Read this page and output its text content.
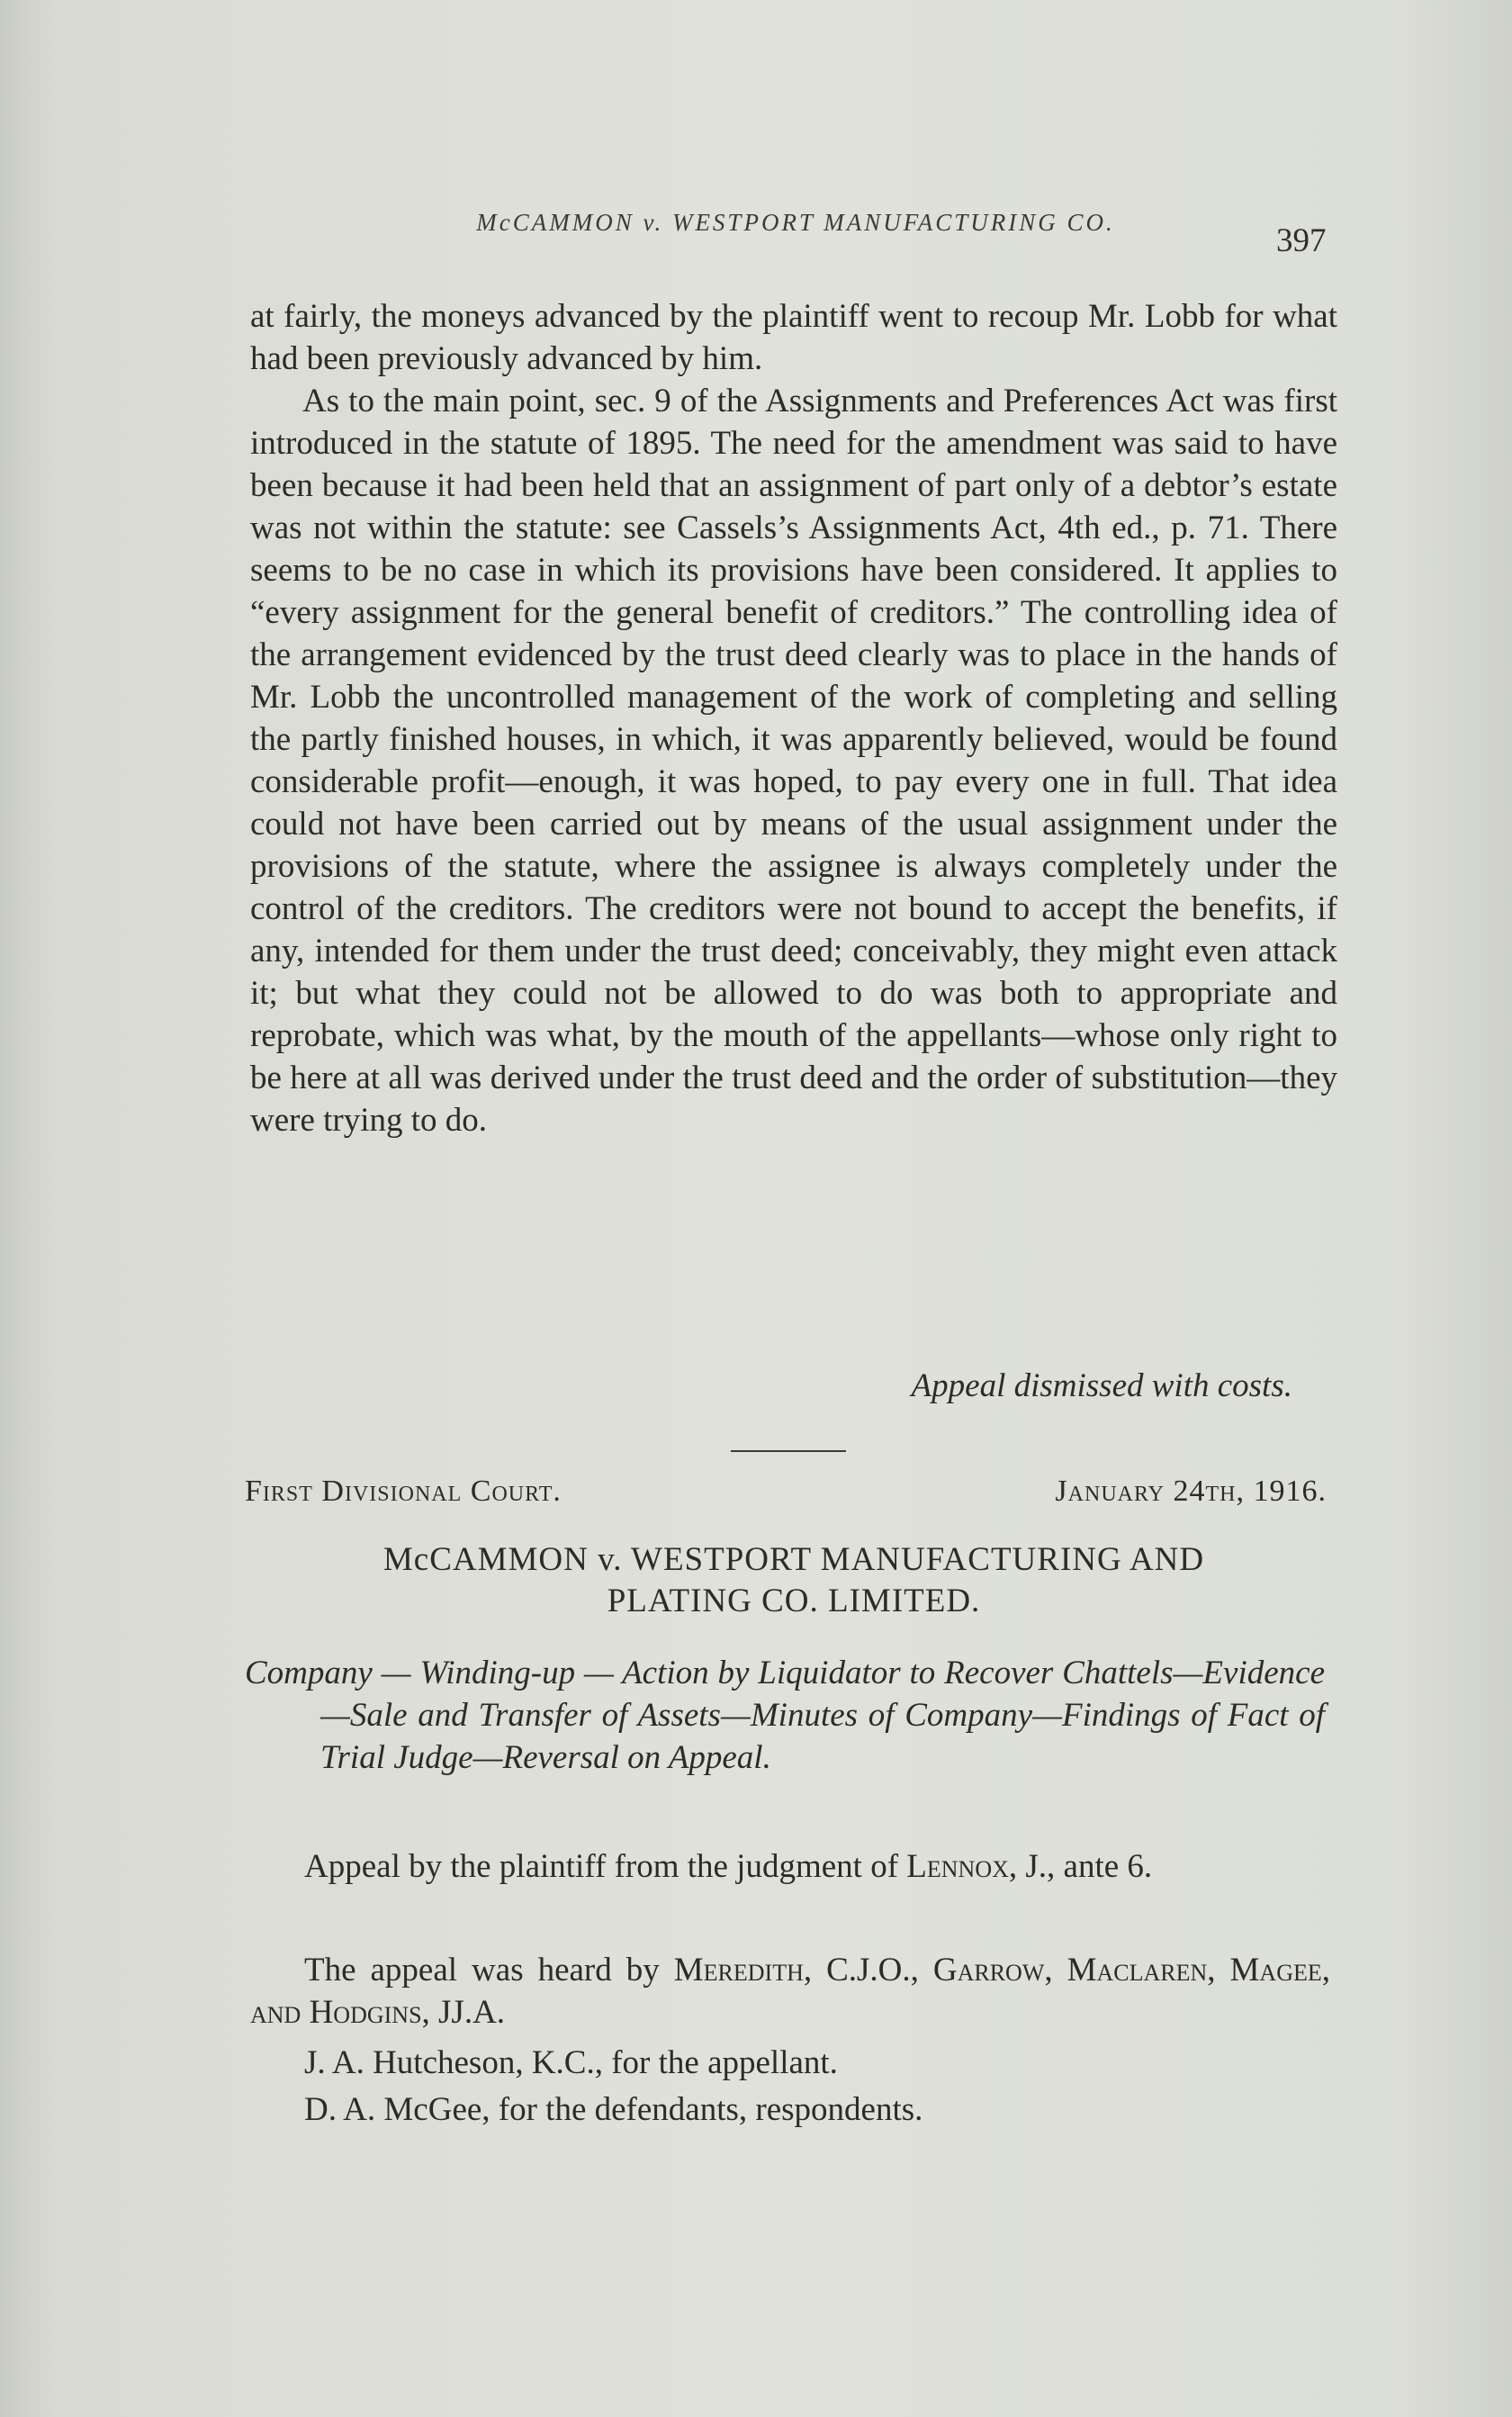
McCAMMON v. WESTPORT MANUFACTURING CO.	397

at fairly, the moneys advanced by the plaintiff went to recoup Mr. Lobb for what had been previously advanced by him.

As to the main point, sec. 9 of the Assignments and Preferences Act was first introduced in the statute of 1895. The need for the amendment was said to have been because it had been held that an assignment of part only of a debtor’s estate was not within the statute: see Cassels’s Assignments Act, 4th ed., p. 71. There seems to be no case in which its provisions have been considered. It applies to “every assignment for the general benefit of creditors.” The controlling idea of the arrangement evidenced by the trust deed clearly was to place in the hands of Mr. Lobb the uncontrolled management of the work of completing and selling the partly finished houses, in which, it was apparently believed, would be found considerable profit—enough, it was hoped, to pay every one in full. That idea could not have been carried out by means of the usual assignment under the provisions of the statute, where the assignee is always completely under the control of the creditors. The creditors were not bound to accept the benefits, if any, intended for them under the trust deed; conceivably, they might even attack it; but what they could not be allowed to do was both to appropriate and reprobate, which was what, by the mouth of the appellants—whose only right to be here at all was derived under the trust deed and the order of substitution—they were trying to do.

Appeal dismissed with costs.
First Divisional Court.	January 24th, 1916.
McCAMMON v. WESTPORT MANUFACTURING AND
PLATING CO. LIMITED.
Company — Winding-up — Action by Liquidator to Recover Chattels—Evidence—Sale and Transfer of Assets—Minutes of Company—Findings of Fact of Trial Judge—Reversal on Appeal.

Appeal by the plaintiff from the judgment of Lennox, J., ante 6.

The appeal was heard by Meredith, C.J.O., Garrow, Maclaren, Magee, and Hodgins, JJ.A.

J. A. Hutcheson, K.C., for the appellant.

D. A. McGee, for the defendants, respondents.
